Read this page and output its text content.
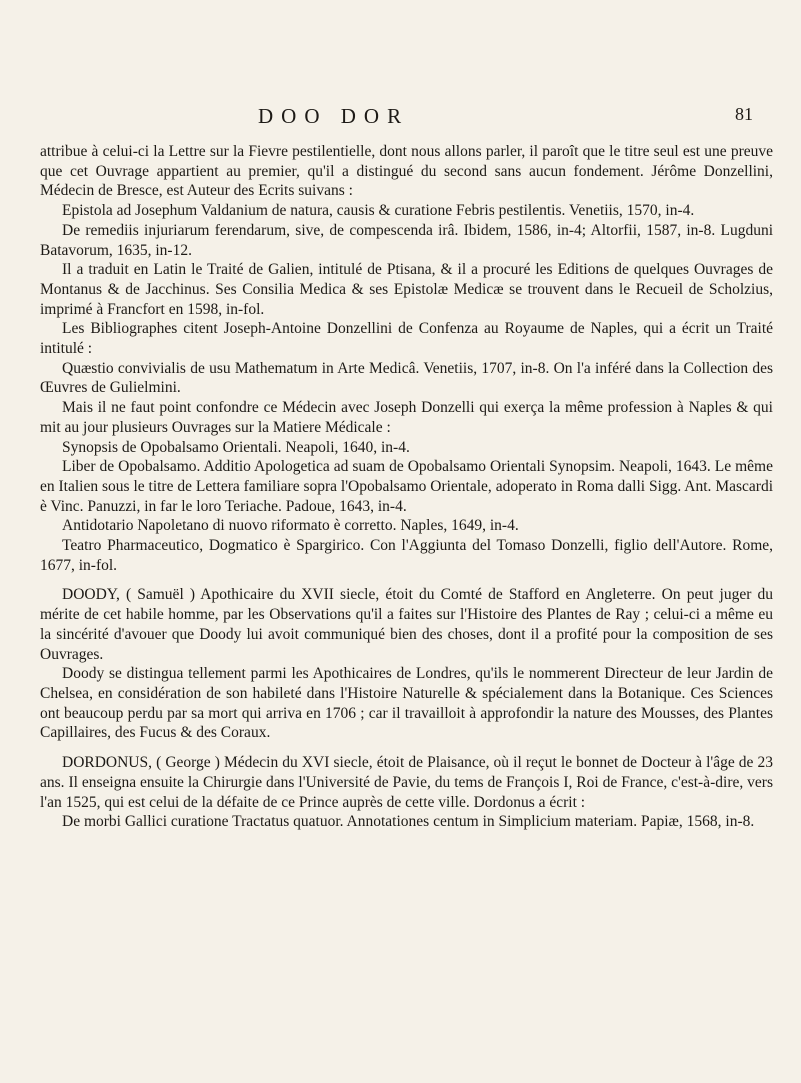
DOO DOR	81

attribue à celui-ci la Lettre sur la Fievre pestilentielle, dont nous allons parler, il paroît que le titre seul est une preuve que cet Ouvrage appartient au premier, qu'il a distingué du second sans aucun fondement. Jérôme Donzellini, Médecin de Bresce, est Auteur des Ecrits suivans :

Epistola ad Josephum Valdanium de natura, causis & curatione Febris pestilentis. Venetiis, 1570, in-4.

De remediis injuriarum ferendarum, sive, de compescenda irâ. Ibidem, 1586, in-4; Altorfii, 1587, in-8. Lugduni Batavorum, 1635, in-12.

Il a traduit en Latin le Traité de Galien, intitulé de Ptisana, & il a procuré les Editions de quelques Ouvrages de Montanus & de Jacchinus. Ses Consilia Medica & ses Epistolæ Medicæ se trouvent dans le Recueil de Scholzius, imprimé à Francfort en 1598, in-fol.

Les Bibliographes citent Joseph-Antoine Donzellini de Confenza au Royaume de Naples, qui a écrit un Traité intitulé :

Quæstio convivialis de usu Mathematum in Arte Medicâ. Venetiis, 1707, in-8. On l'a inféré dans la Collection des Œuvres de Gulielmini.

Mais il ne faut point confondre ce Médecin avec Joseph Donzelli qui exerça la même profession à Naples & qui mit au jour plusieurs Ouvrages sur la Matiere Médicale :

Synopsis de Opobalsamo Orientali. Neapoli, 1640, in-4.

Liber de Opobalsamo. Additio Apologetica ad suam de Opobalsamo Orientali Synopsim. Neapoli, 1643. Le même en Italien sous le titre de Lettera familiare sopra l'Opobalsamo Orientale, adoperato in Roma dalli Sigg. Ant. Mascardi è Vinc. Panuzzi, in far le loro Teriache. Padoue, 1643, in-4.

Antidotario Napoletano di nuovo riformato è corretto. Naples, 1649, in-4.

Teatro Pharmaceutico, Dogmatico è Spargirico. Con l'Aggiunta del Tomaso Donzelli, figlio dell'Autore. Rome, 1677, in-fol.

DOODY, ( Samuël ) Apothicaire du XVII siecle, étoit du Comté de Stafford en Angleterre. On peut juger du mérite de cet habile homme, par les Observations qu'il a faites sur l'Histoire des Plantes de Ray ; celui-ci a même eu la sincérité d'avouer que Doody lui avoit communiqué bien des choses, dont il a profité pour la composition de ses Ouvrages.

Doody se distingua tellement parmi les Apothicaires de Londres, qu'ils le nommerent Directeur de leur Jardin de Chelsea, en considération de son habileté dans l'Histoire Naturelle & spécialement dans la Botanique. Ces Sciences ont beaucoup perdu par sa mort qui arriva en 1706 ; car il travailloit à approfondir la nature des Mousses, des Plantes Capillaires, des Fucus & des Coraux.

DORDONUS, ( George ) Médecin du XVI siecle, étoit de Plaisance, où il reçut le bonnet de Docteur à l'âge de 23 ans. Il enseigna ensuite la Chirurgie dans l'Université de Pavie, du tems de François I, Roi de France, c'est-à-dire, vers l'an 1525, qui est celui de la défaite de ce Prince auprès de cette ville. Dordonus a écrit :

De morbi Gallici curatione Tractatus quatuor. Annotationes centum in Simplicium materiam. Papiæ, 1568, in-8.
